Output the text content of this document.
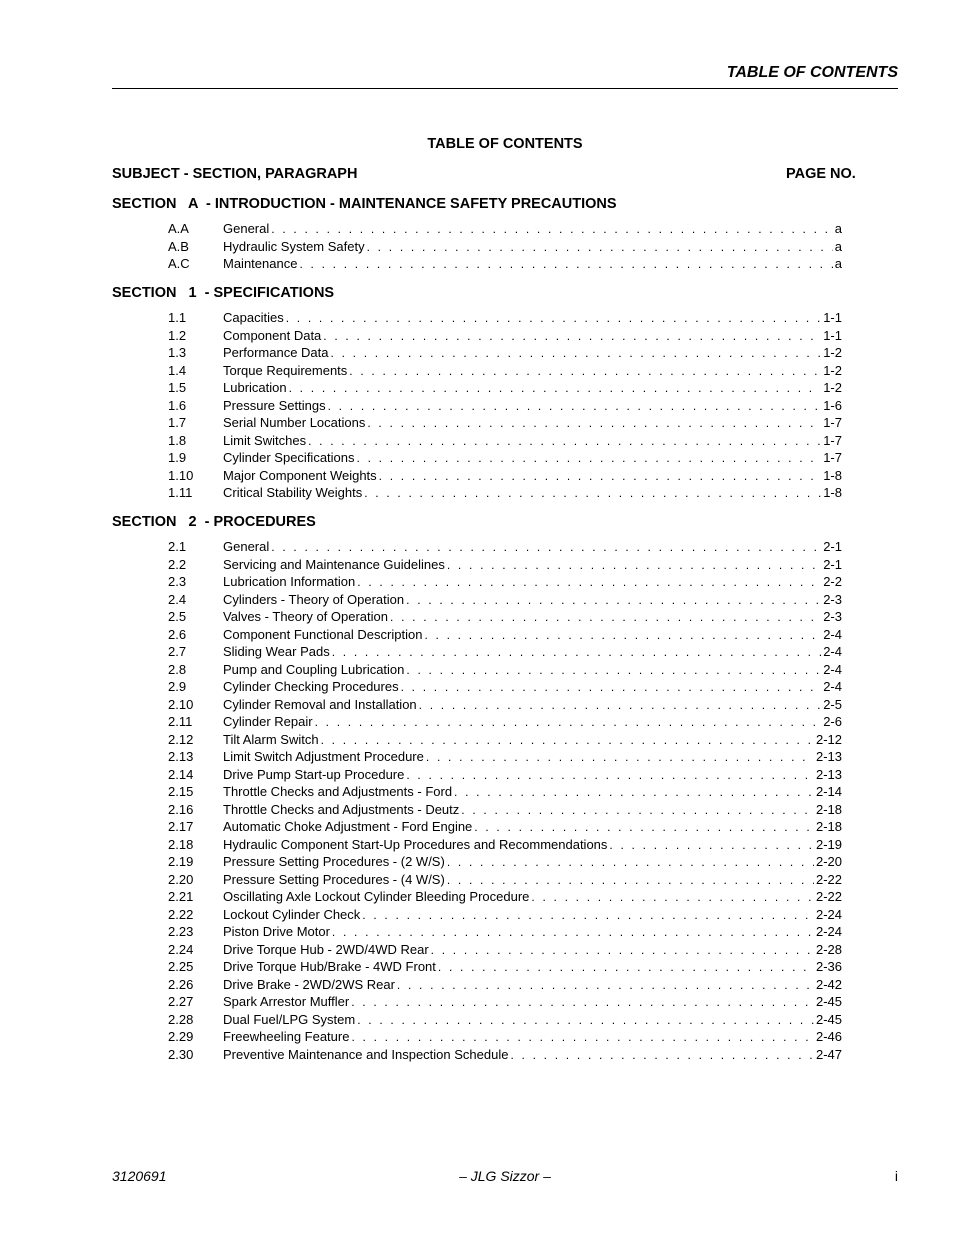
TABLE OF CONTENTS
TABLE OF CONTENTS
SUBJECT - SECTION, PARAGRAPH	PAGE NO.
SECTION   A  - INTRODUCTION - MAINTENANCE SAFETY PRECAUTIONS
A.A	General . . .	a
A.B	Hydraulic System Safety . . .	a
A.C	Maintenance . . .	a
SECTION   1  - SPECIFICATIONS
1.1	Capacities . . .	1-1
1.2	Component Data . . .	1-1
1.3	Performance Data . . .	1-2
1.4	Torque Requirements . . .	1-2
1.5	Lubrication . . .	1-2
1.6	Pressure Settings . . .	1-6
1.7	Serial Number Locations . . .	1-7
1.8	Limit Switches . . .	1-7
1.9	Cylinder Specifications . . .	1-7
1.10	Major Component Weights . . .	1-8
1.11	Critical Stability Weights . . .	1-8
SECTION   2  - PROCEDURES
2.1	General . . .	2-1
2.2	Servicing and Maintenance Guidelines . . .	2-1
2.3	Lubrication Information . . .	2-2
2.4	Cylinders - Theory of Operation . . .	2-3
2.5	Valves - Theory of Operation . . .	2-3
2.6	Component Functional Description . . .	2-4
2.7	Sliding Wear Pads . . .	2-4
2.8	Pump and Coupling Lubrication . . .	2-4
2.9	Cylinder Checking Procedures . . .	2-4
2.10	Cylinder Removal and Installation . . .	2-5
2.11	Cylinder Repair . . .	2-6
2.12	Tilt Alarm Switch . . .	2-12
2.13	Limit Switch Adjustment Procedure . . .	2-13
2.14	Drive Pump Start-up Procedure . . .	2-13
2.15	Throttle Checks and Adjustments - Ford . . .	2-14
2.16	Throttle Checks and Adjustments - Deutz . . .	2-18
2.17	Automatic Choke Adjustment - Ford Engine . . .	2-18
2.18	Hydraulic Component Start-Up Procedures and Recommendations . . .	2-19
2.19	Pressure Setting Procedures - (2 W/S) . . .	2-20
2.20	Pressure Setting Procedures - (4 W/S) . . .	2-22
2.21	Oscillating Axle Lockout Cylinder Bleeding Procedure . . .	2-22
2.22	Lockout Cylinder Check . . .	2-24
2.23	Piston Drive Motor . . .	2-24
2.24	Drive Torque Hub - 2WD/4WD Rear . . .	2-28
2.25	Drive Torque Hub/Brake - 4WD Front . . .	2-36
2.26	Drive Brake - 2WD/2WS Rear . . .	2-42
2.27	Spark Arrestor Muffler . . .	2-45
2.28	Dual Fuel/LPG System . . .	2-45
2.29	Freewheeling Feature . . .	2-46
2.30	Preventive Maintenance and Inspection Schedule . . .	2-47
3120691	– JLG Sizzor –	i
